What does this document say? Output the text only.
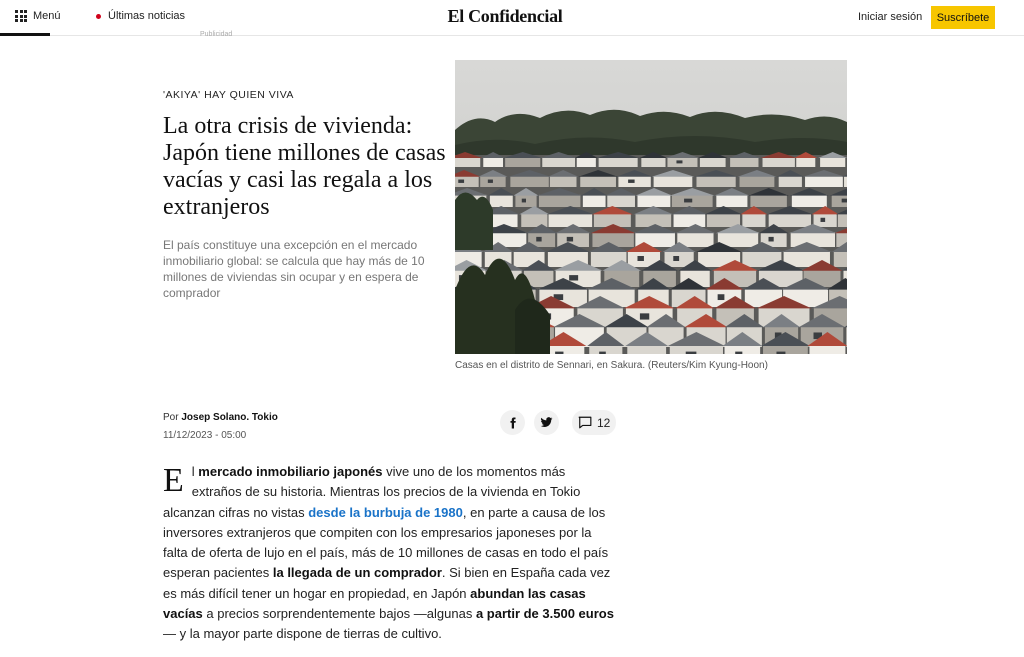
Menú	Últimas noticias	El Confidencial	Iniciar sesión	Suscríbete
Publicidad
'AKIYA' HAY QUIEN VIVA
La otra crisis de vivienda: Japón tiene millones de casas vacías y casi las regala a los extranjeros

El país constituye una excepción en el mercado inmobiliario global: se calcula que hay más de 10 millones de viviendas sin ocupar y en espera de comprador

Casas en el distrito de Sennari, en Sakura. (Reuters/Kim Kyung-Hoon)
Por Josep Solano. Tokio
11/12/2023 - 05:00
12
El mercado inmobiliario japonés vive uno de los momentos más extraños de su historia. Mientras los precios de la vivienda en Tokio alcanzan cifras no vistas desde la burbuja de 1980, en parte a causa de los inversores extranjeros que compiten con los empresarios japoneses por la falta de oferta de lujo en el país, más de 10 millones de casas en todo el país esperan pacientes la llegada de un comprador. Si bien en España cada vez es más difícil tener un hogar en propiedad, en Japón abundan las casas vacías a precios sorprendentemente bajos —algunas a partir de 3.500 euros— y la mayor parte dispone de tierras de cultivo.
